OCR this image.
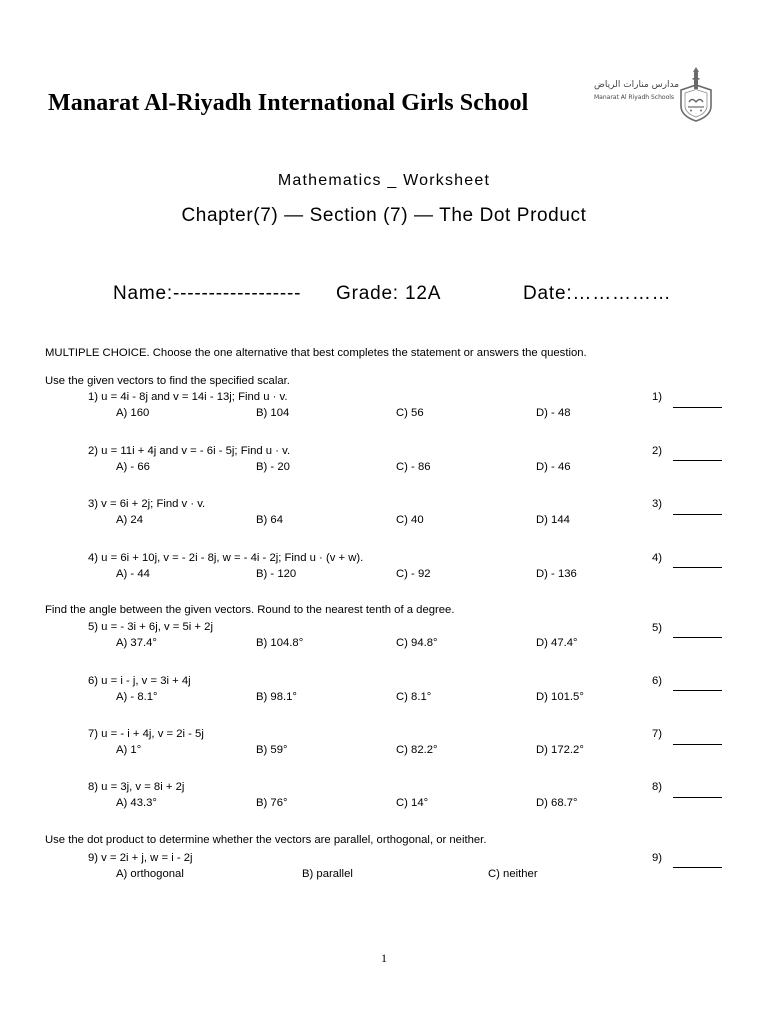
Manarat Al-Riyadh International Girls School
مدارس منارات الرياض
Manarat Al Riyadh Schools
Mathematics _ Worksheet
Chapter(7) — Section (7) — The Dot Product
Name:------------------ Grade: 12A	Date:……………
MULTIPLE CHOICE. Choose the one alternative that best completes the statement or answers the question.
Use the given vectors to find the specified scalar.
Find the angle between the given vectors. Round to the nearest tenth of a degree.
Use the dot product to determine whether the vectors are parallel, orthogonal, or neither.
1) u = 4i - 8j and v = 14i - 13j; Find u · v.	1)
A) 160	B) 104	C) 56	D) - 48
2) u = 11i + 4j and v = - 6i - 5j; Find u · v.	2)
A) - 66	B) - 20	C) - 86	D) - 46
3) v = 6i + 2j; Find v · v.	3)
A) 24	B) 64	C) 40	D) 144
4) u = 6i + 10j, v = - 2i - 8j, w = - 4i - 2j; Find u · (v + w).	4)
A) - 44	B) - 120	C) - 92	D) - 136
5) u = - 3i + 6j, v = 5i + 2j	5)
A) 37.4°	B) 104.8°	C) 94.8°	D) 47.4°
6) u = i - j, v = 3i + 4j	6)
A) - 8.1°	B) 98.1°	C) 8.1°	D) 101.5°
7) u = - i + 4j, v = 2i - 5j	7)
A) 1°	B) 59°	C) 82.2°	D) 172.2°
8) u = 3j, v = 8i + 2j	8)
A) 43.3°	B) 76°	C) 14°	D) 68.7°
9) v = 2i + j, w = i - 2j	9)
A) orthogonal	B) parallel	C) neither
1
